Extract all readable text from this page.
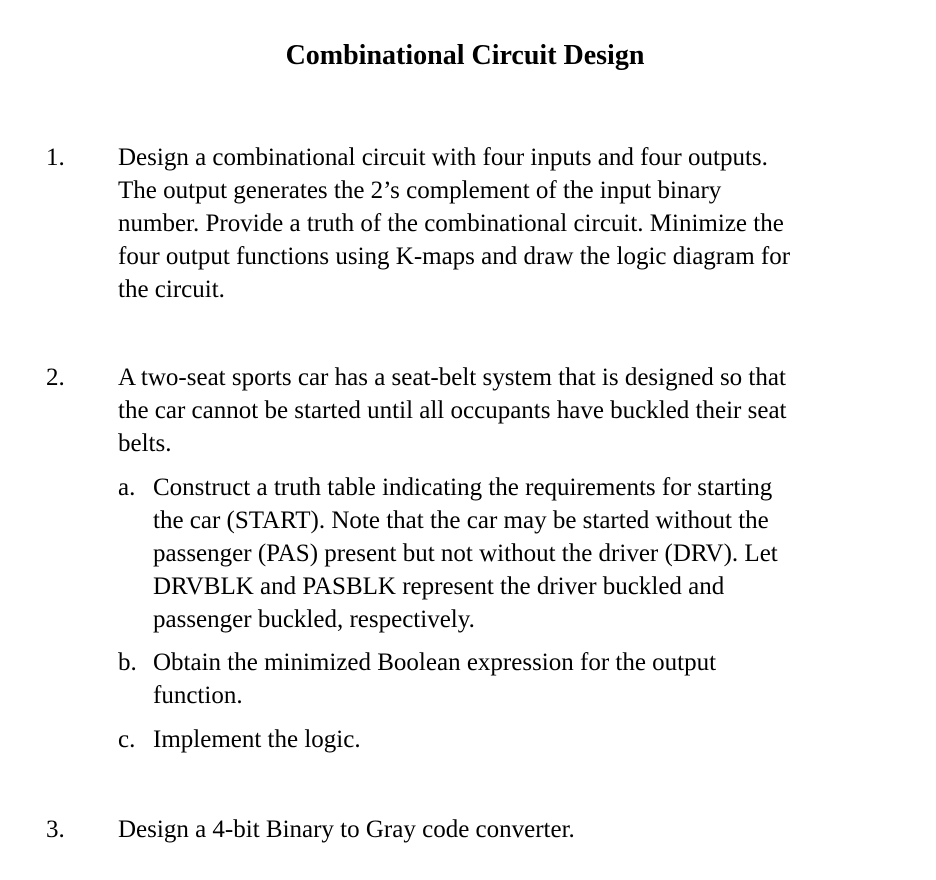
Combinational Circuit Design
1. Design a combinational circuit with four inputs and four outputs.
The output generates the 2’s complement of the input binary
number. Provide a truth of the combinational circuit. Minimize the
four output functions using K-maps and draw the logic diagram for
the circuit.

2. A two-seat sports car has a seat-belt system that is designed so that
the car cannot be started until all occupants have buckled their seat
belts.

a. Construct a truth table indicating the requirements for starting
the car (START). Note that the car may be started without the
passenger (PAS) present but not without the driver (DRV). Let
DRVBLK and PASBLK represent the driver buckled and
passenger buckled, respectively.

b. Obtain the minimized Boolean expression for the output
function.

c. Implement the logic.

3. Design a 4-bit Binary to Gray code converter.
